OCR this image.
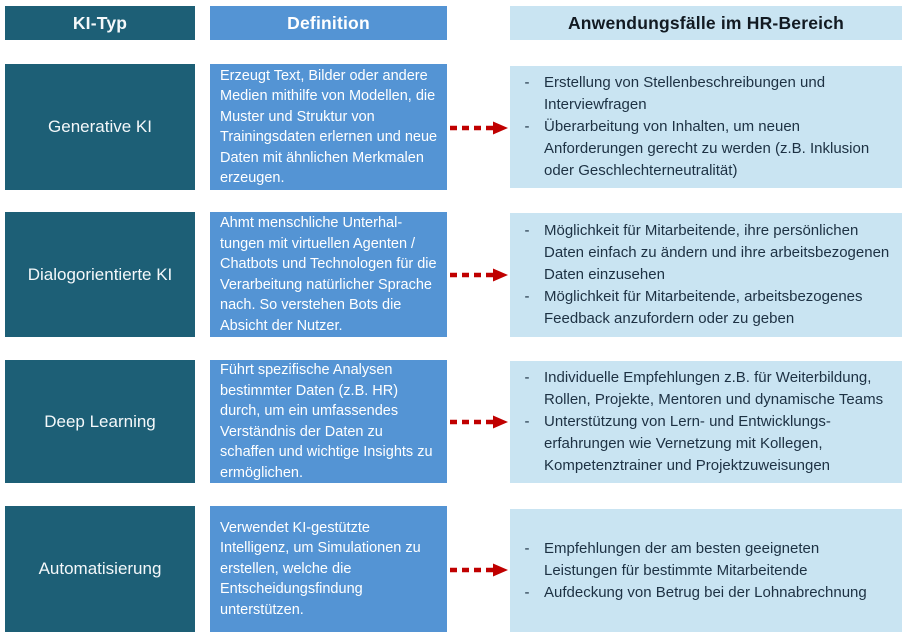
KI-Typ	Definition	Anwendungsfälle im HR-Bereich
Generative KI
Erzeugt Text, Bilder oder andere Medien mithilfe von Modellen, die Muster und Struktur von Trainingsdaten erlernen und neue Daten mit ähnlichen Merkmalen erzeugen.
- Erstellung von Stellenbeschreibungen und Interviewfragen
- Überarbeitung von Inhalten, um neuen Anforderungen gerecht zu werden (z.B. Inklusion oder Geschlechterneutralität)
Dialogorientierte KI
Ahmt menschliche Unterhaltungen mit virtuellen Agenten / Chatbots und Technologen für die Verarbeitung natürlicher Sprache nach. So verstehen Bots die Absicht der Nutzer.
- Möglichkeit für Mitarbeitende, ihre persönlichen Daten einfach zu ändern und ihre arbeitsbezogenen Daten einzusehen
- Möglichkeit für Mitarbeitende, arbeitsbezogenes Feedback anzufordern oder zu geben
Deep Learning
Führt spezifische Analysen bestimmter Daten (z.B. HR) durch, um ein umfassendes Verständnis der Daten zu schaffen und wichtige Insights zu ermöglichen.
- Individuelle Empfehlungen z.B. für Weiterbildung, Rollen, Projekte, Mentoren und dynamische Teams
- Unterstützung von Lern- und Entwicklungserfahrungen wie Vernetzung mit Kollegen, Kompetenztrainer und Projektzuweisungen
Automatisierung
Verwendet KI-gestützte Intelligenz, um Simulationen zu erstellen, welche die Entscheidungsfindung unterstützen.
- Empfehlungen der am besten geeigneten Leistungen für bestimmte Mitarbeitende
- Aufdeckung von Betrug bei der Lohnabrechnung
